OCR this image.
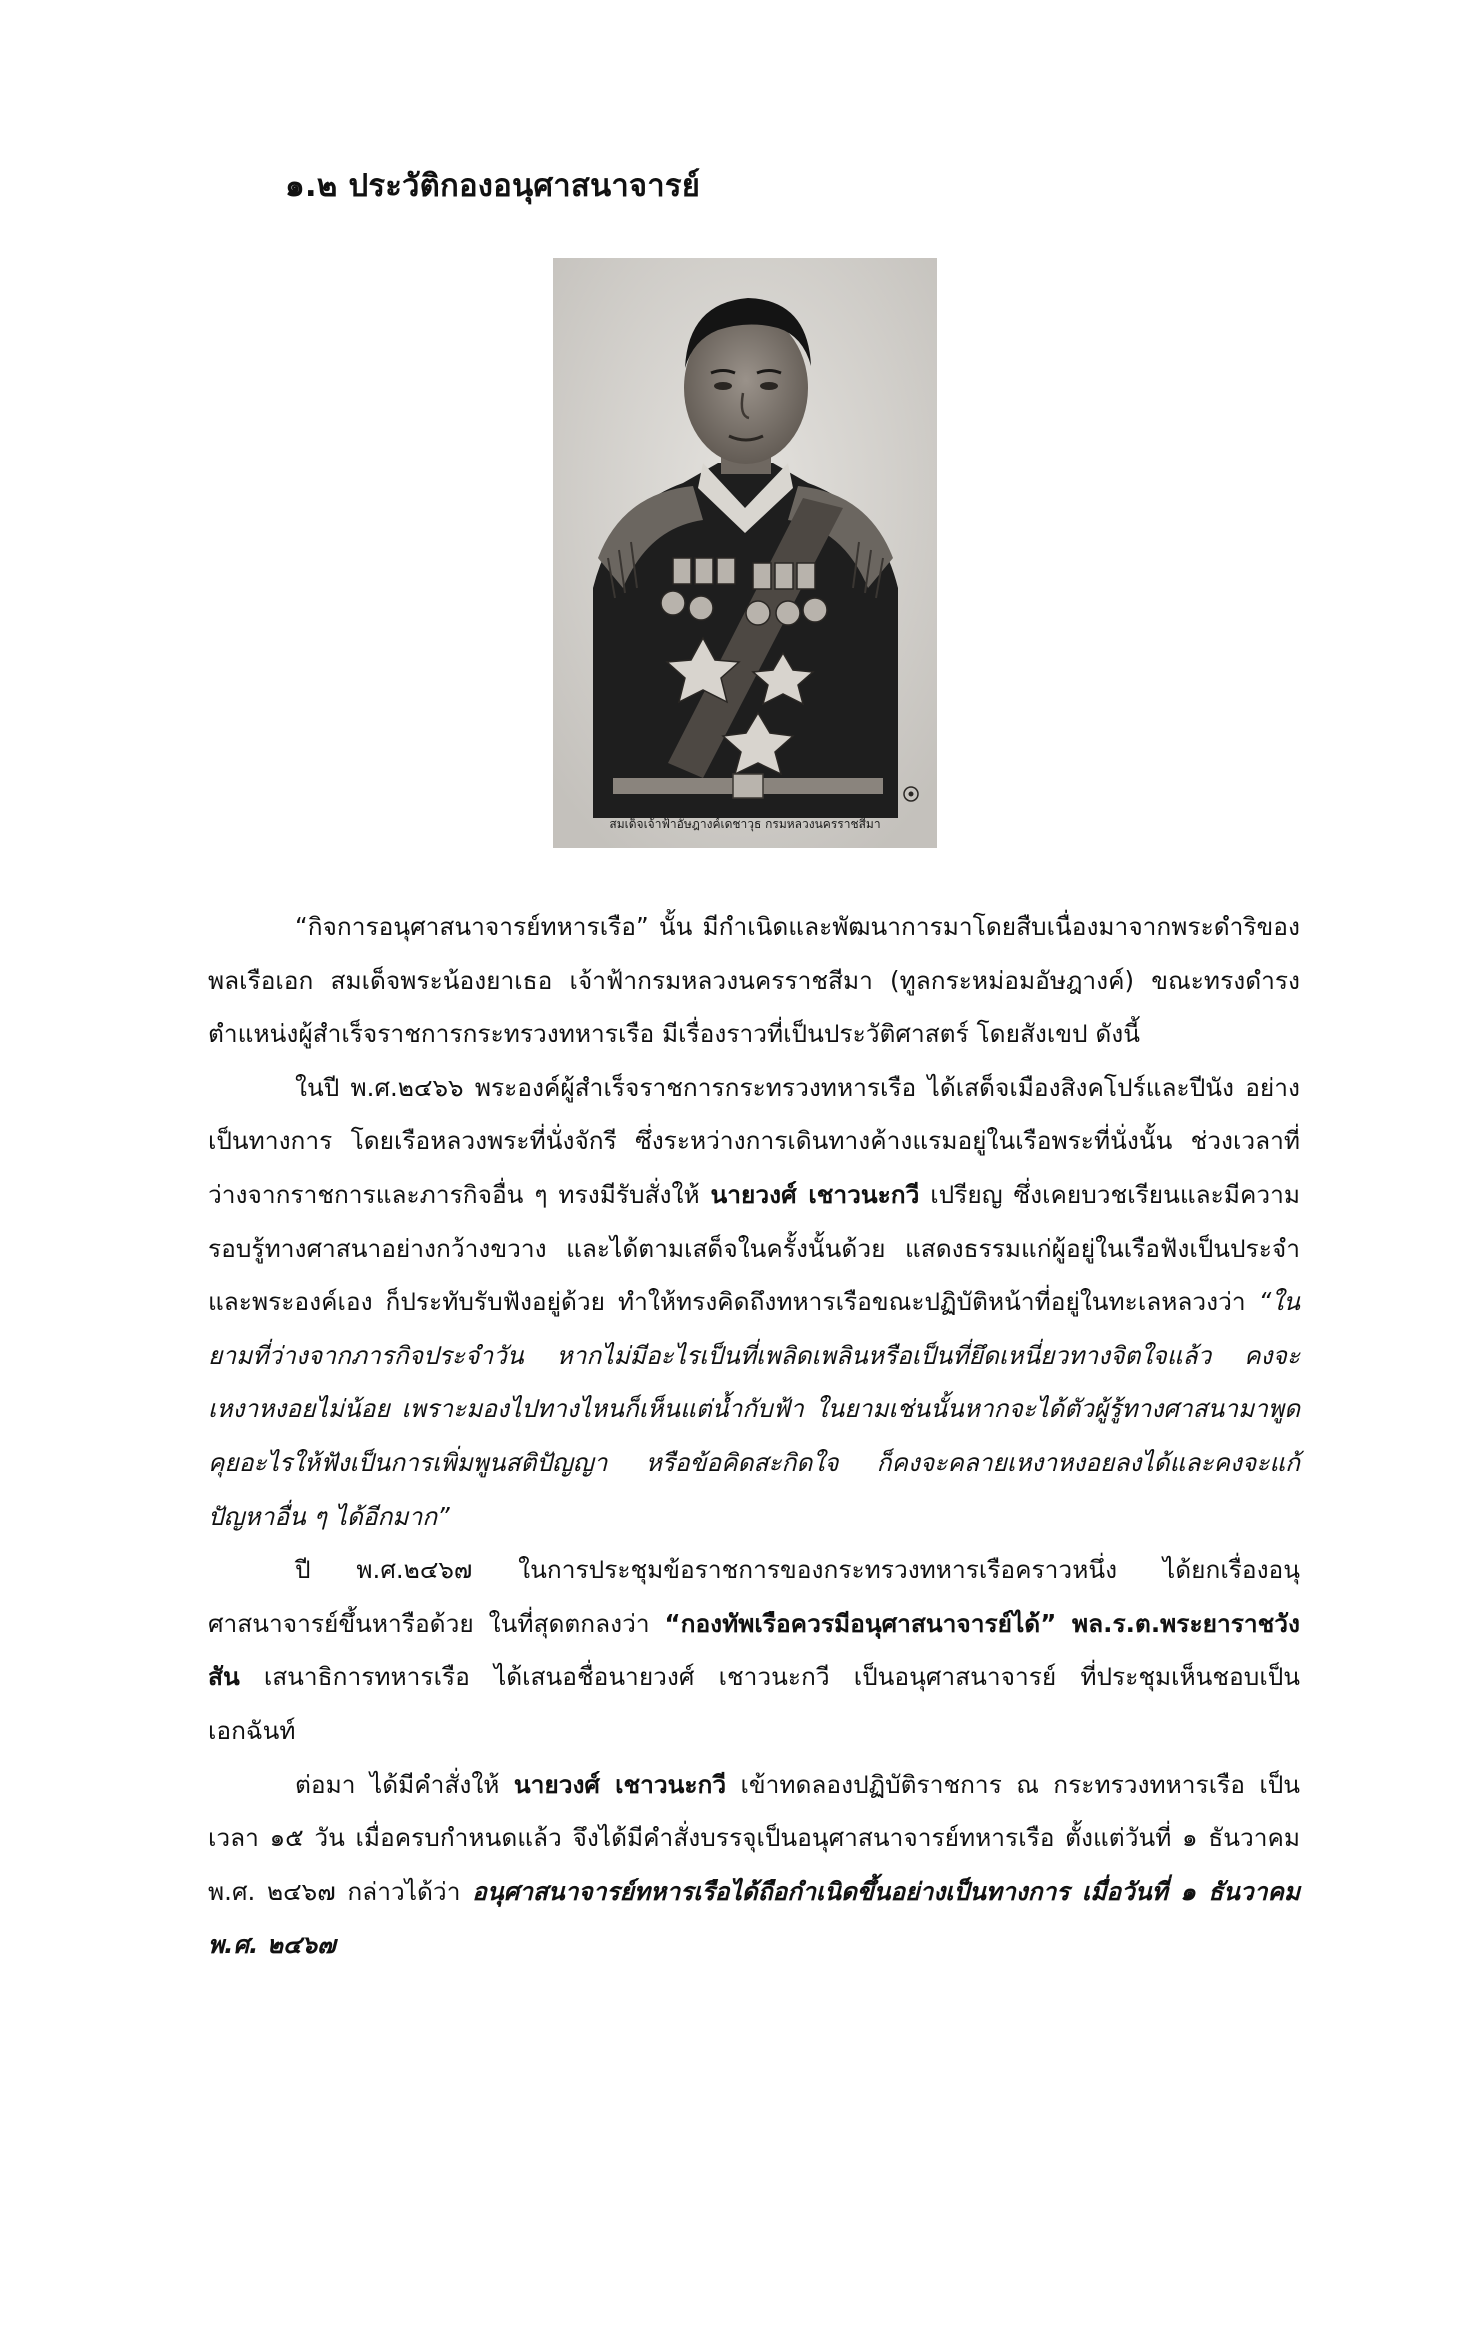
๑.๒ ประวัติกองอนุศาสนาจารย์
สมเด็จเจ้าฟ้าอัษฎางค์เดชาวุธ กรมหลวงนครราชสีมา

“กิจการอนุศาสนาจารย์ทหารเรือ” นั้น มีกำเนิดและพัฒนาการมาโดยสืบเนื่องมาจากพระดำริของพลเรือเอก สมเด็จพระน้องยาเธอ เจ้าฟ้ากรมหลวงนครราชสีมา (ทูลกระหม่อมอัษฎางค์) ขณะทรงดำรงตำแหน่งผู้สำเร็จราชการกระทรวงทหารเรือ มีเรื่องราวที่เป็นประวัติศาสตร์ โดยสังเขป ดังนี้

ในปี พ.ศ.๒๔๖๖ พระองค์ผู้สำเร็จราชการกระทรวงทหารเรือ ได้เสด็จเมืองสิงคโปร์และปีนัง อย่างเป็นทางการ โดยเรือหลวงพระที่นั่งจักรี ซึ่งระหว่างการเดินทางค้างแรมอยู่ในเรือพระที่นั่งนั้น ช่วงเวลาที่ว่างจากราชการและภารกิจอื่น ๆ ทรงมีรับสั่งให้ นายวงศ์ เชาวนะกวี เปรียญ ซึ่งเคยบวชเรียนและมีความรอบรู้ทางศาสนาอย่างกว้างขวาง และได้ตามเสด็จในครั้งนั้นด้วย แสดงธรรมแก่ผู้อยู่ในเรือฟังเป็นประจำ และพระองค์เอง ก็ประทับรับฟังอยู่ด้วย ทำให้ทรงคิดถึงทหารเรือขณะปฏิบัติหน้าที่อยู่ในทะเลหลวงว่า “ในยามที่ว่างจากภารกิจประจำวัน หากไม่มีอะไรเป็นที่เพลิดเพลินหรือเป็นที่ยึดเหนี่ยวทางจิตใจแล้ว คงจะเหงาหงอยไม่น้อย เพราะมองไปทางไหนก็เห็นแต่น้ำกับฟ้า ในยามเช่นนั้นหากจะได้ตัวผู้รู้ทางศาสนามาพูดคุยอะไรให้ฟังเป็นการเพิ่มพูนสติปัญญา หรือข้อคิดสะกิดใจ ก็คงจะคลายเหงาหงอยลงได้และคงจะแก้ปัญหาอื่น ๆ ได้อีกมาก”

ปี พ.ศ.๒๔๖๗ ในการประชุมข้อราชการของกระทรวงทหารเรือคราวหนึ่ง ได้ยกเรื่องอนุศาสนาจารย์ขึ้นหารือด้วย ในที่สุดตกลงว่า “กองทัพเรือควรมีอนุศาสนาจารย์ได้” พล.ร.ต.พระยาราชวังสัน เสนาธิการทหารเรือ ได้เสนอชื่อนายวงศ์ เชาวนะกวี เป็นอนุศาสนาจารย์ ที่ประชุมเห็นชอบเป็นเอกฉันท์

ต่อมา ได้มีคำสั่งให้ นายวงศ์ เชาวนะกวี เข้าทดลองปฏิบัติราชการ ณ กระทรวงทหารเรือ เป็นเวลา ๑๕ วัน เมื่อครบกำหนดแล้ว จึงได้มีคำสั่งบรรจุเป็นอนุศาสนาจารย์ทหารเรือ ตั้งแต่วันที่ ๑ ธันวาคม พ.ศ. ๒๔๖๗ กล่าวได้ว่า อนุศาสนาจารย์ทหารเรือได้ถือกำเนิดขึ้นอย่างเป็นทางการ เมื่อวันที่ ๑ ธันวาคม พ.ศ. ๒๔๖๗
